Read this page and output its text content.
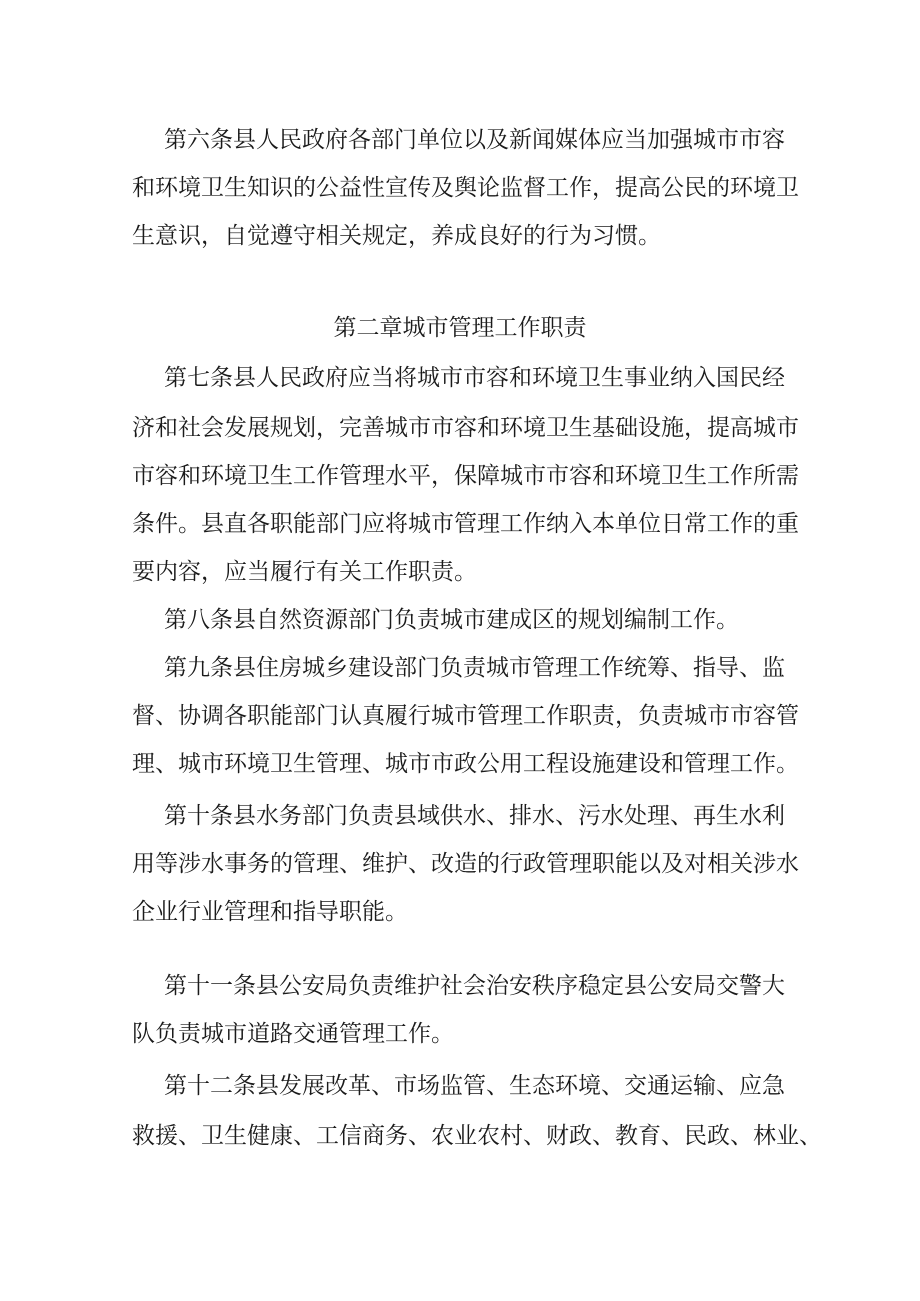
第六条县人民政府各部门单位以及新闻媒体应当加强城市市容
和环境卫生知识的公益性宣传及舆论监督工作，提高公民的环境卫
生意识，自觉遵守相关规定，养成良好的行为习惯。
第二章城市管理工作职责
第七条县人民政府应当将城市市容和环境卫生事业纳入国民经
济和社会发展规划，完善城市市容和环境卫生基础设施，提高城市
市容和环境卫生工作管理水平，保障城市市容和环境卫生工作所需
条件。县直各职能部门应将城市管理工作纳入本单位日常工作的重
要内容，应当履行有关工作职责。
第八条县自然资源部门负责城市建成区的规划编制工作。
第九条县住房城乡建设部门负责城市管理工作统筹、指导、监
督、协调各职能部门认真履行城市管理工作职责，负责城市市容管
理、城市环境卫生管理、城市市政公用工程设施建设和管理工作。
第十条县水务部门负责县域供水、排水、污水处理、再生水利
用等涉水事务的管理、维护、改造的行政管理职能以及对相关涉水
企业行业管理和指导职能。
第十一条县公安局负责维护社会治安秩序稳定县公安局交警大
队负责城市道路交通管理工作。
第十二条县发展改革、市场监管、生态环境、交通运输、应急
救援、卫生健康、工信商务、农业农村、财政、教育、民政、林业、
